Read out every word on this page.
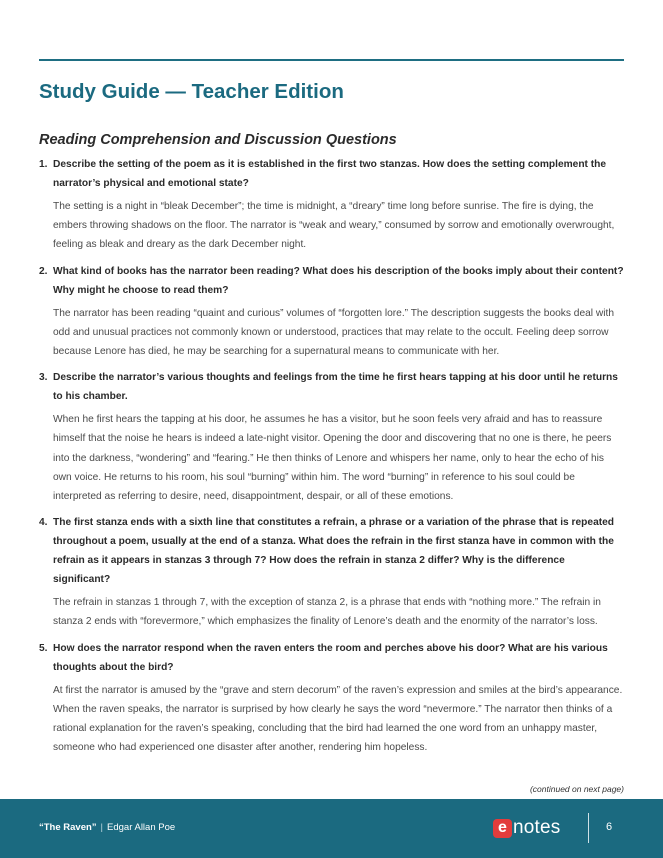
Study Guide — Teacher Edition
Reading Comprehension and Discussion Questions
1. Describe the setting of the poem as it is established in the first two stanzas. How does the setting complement the narrator’s physical and emotional state?

The setting is a night in “bleak December”; the time is midnight, a “dreary” time long before sunrise. The fire is dying, the embers throwing shadows on the floor. The narrator is “weak and weary,” consumed by sorrow and emotionally overwrought, feeling as bleak and dreary as the dark December night.

2. What kind of books has the narrator been reading? What does his description of the books imply about their content? Why might he choose to read them?

The narrator has been reading “quaint and curious” volumes of “forgotten lore.” The description suggests the books deal with odd and unusual practices not commonly known or understood, practices that may relate to the occult. Feeling deep sorrow because Lenore has died, he may be searching for a supernatural means to communicate with her.

3. Describe the narrator’s various thoughts and feelings from the time he first hears tapping at his door until he returns to his chamber.

When he first hears the tapping at his door, he assumes he has a visitor, but he soon feels very afraid and has to reassure himself that the noise he hears is indeed a late-night visitor. Opening the door and discovering that no one is there, he peers into the darkness, “wondering” and “fearing.” He then thinks of Lenore and whispers her name, only to hear the echo of his own voice. He returns to his room, his soul “burning” within him. The word “burning” in reference to his soul could be interpreted as referring to desire, need, disappointment, despair, or all of these emotions.

4. The first stanza ends with a sixth line that constitutes a refrain, a phrase or a variation of the phrase that is repeated throughout a poem, usually at the end of a stanza. What does the refrain in the first stanza have in common with the refrain as it appears in stanzas 3 through 7? How does the refrain in stanza 2 differ? Why is the difference significant?

The refrain in stanzas 1 through 7, with the exception of stanza 2, is a phrase that ends with “nothing more.” The refrain in stanza 2 ends with “forevermore,” which emphasizes the finality of Lenore’s death and the enormity of the narrator’s loss.

5. How does the narrator respond when the raven enters the room and perches above his door? What are his various thoughts about the bird?

At first the narrator is amused by the “grave and stern decorum” of the raven’s expression and smiles at the bird’s appearance. When the raven speaks, the narrator is surprised by how clearly he says the word “nevermore.” The narrator then thinks of a rational explanation for the raven’s speaking, concluding that the bird had learned the one word from an unhappy master, someone who had experienced one disaster after another, rendering him hopeless.

(continued on next page)
“The Raven” | Edgar Allan Poe	e notes	6
